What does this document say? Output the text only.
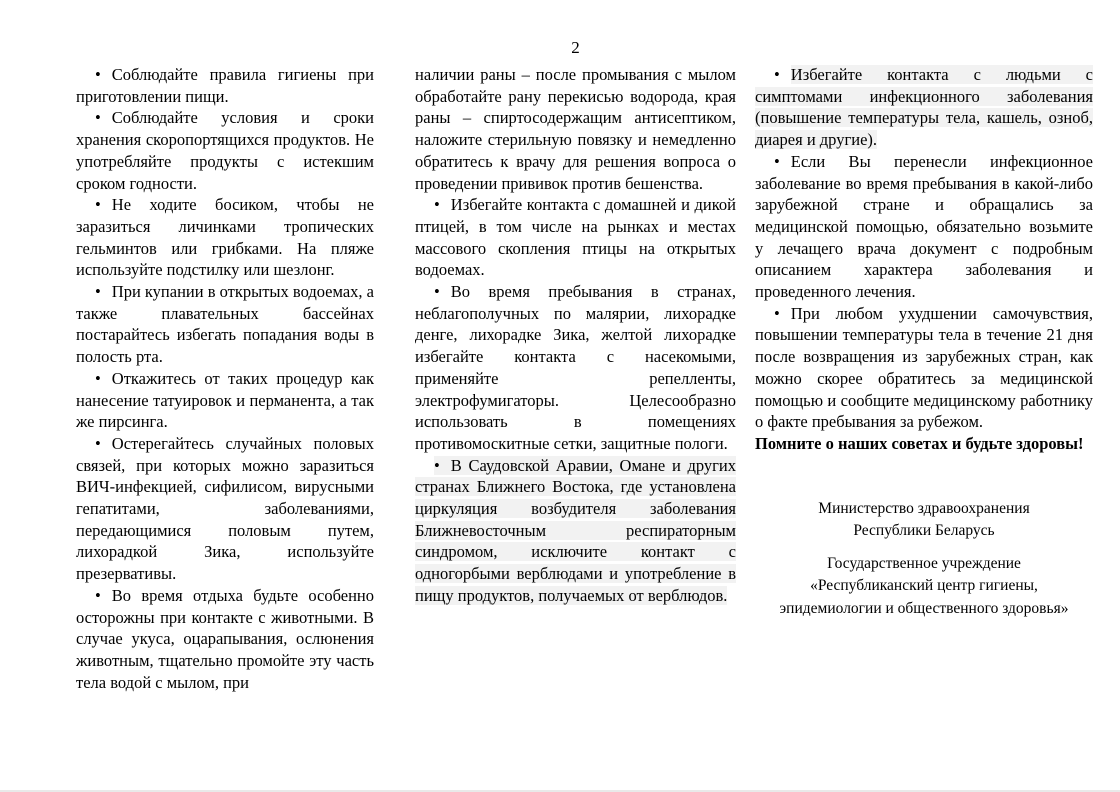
2

• Соблюдайте правила гигиены при приготовлении пищи.

• Соблюдайте условия и сроки хранения скоропортящихся продуктов. Не употребляйте продукты с истекшим сроком годности.

• Не ходите босиком, чтобы не заразиться личинками тропических гельминтов или грибками. На пляже используйте подстилку или шезлонг.

• При купании в открытых водоемах, а также плавательных бассейнах постарайтесь избегать попадания воды в полость рта.

• Откажитесь от таких процедур как нанесение татуировок и перманента, а так же пирсинга.

• Остерегайтесь случайных половых связей, при которых можно заразиться ВИЧ-инфекцией, сифилисом, вирусными гепатитами, заболеваниями, передающимися половым путем, лихорадкой Зика, используйте презервативы.

• Во время отдыха будьте особенно осторожны при контакте с животными. В случае укуса, оцарапывания, ослюнения животным, тщательно промойте эту часть тела водой с мылом, при

наличии раны – после промывания с мылом обработайте рану перекисью водорода, края раны – спиртосодержащим антисептиком, наложите стерильную повязку и немедленно обратитесь к врачу для решения вопроса о проведении прививок против бешенства.

• Избегайте контакта с домашней и дикой птицей, в том числе на рынках и местах массового скопления птицы на открытых водоемах.

• Во время пребывания в странах, неблагополучных по малярии, лихорадке денге, лихорадке Зика, желтой лихорадке избегайте контакта с насекомыми, применяйте репелленты, электрофумигаторы. Целесообразно использовать в помещениях противомоскитные сетки, защитные пологи.

• В Саудовской Аравии, Омане и других странах Ближнего Востока, где установлена циркуляция возбудителя заболевания Ближневосточным респираторным синдромом, исключите контакт с одногорбыми верблюдами и употребление в пищу продуктов, получаемых от верблюдов.

• Избегайте контакта с людьми с симптомами инфекционного заболевания (повышение температуры тела, кашель, озноб, диарея и другие).

• Если Вы перенесли инфекционное заболевание во время пребывания в какой-либо зарубежной стране и обращались за медицинской помощью, обязательно возьмите у лечащего врача документ с подробным описанием характера заболевания и проведенного лечения.

• При любом ухудшении самочувствия, повышении температуры тела в течение 21 дня после возвращения из зарубежных стран, как можно скорее обратитесь за медицинской помощью и сообщите медицинскому работнику о факте пребывания за рубежом.

Помните о наших советах и будьте здоровы!

Министерство здравоохранения
Республики Беларусь
Государственное учреждение
«Республиканский центр гигиены,
эпидемиологии и общественного здоровья»
